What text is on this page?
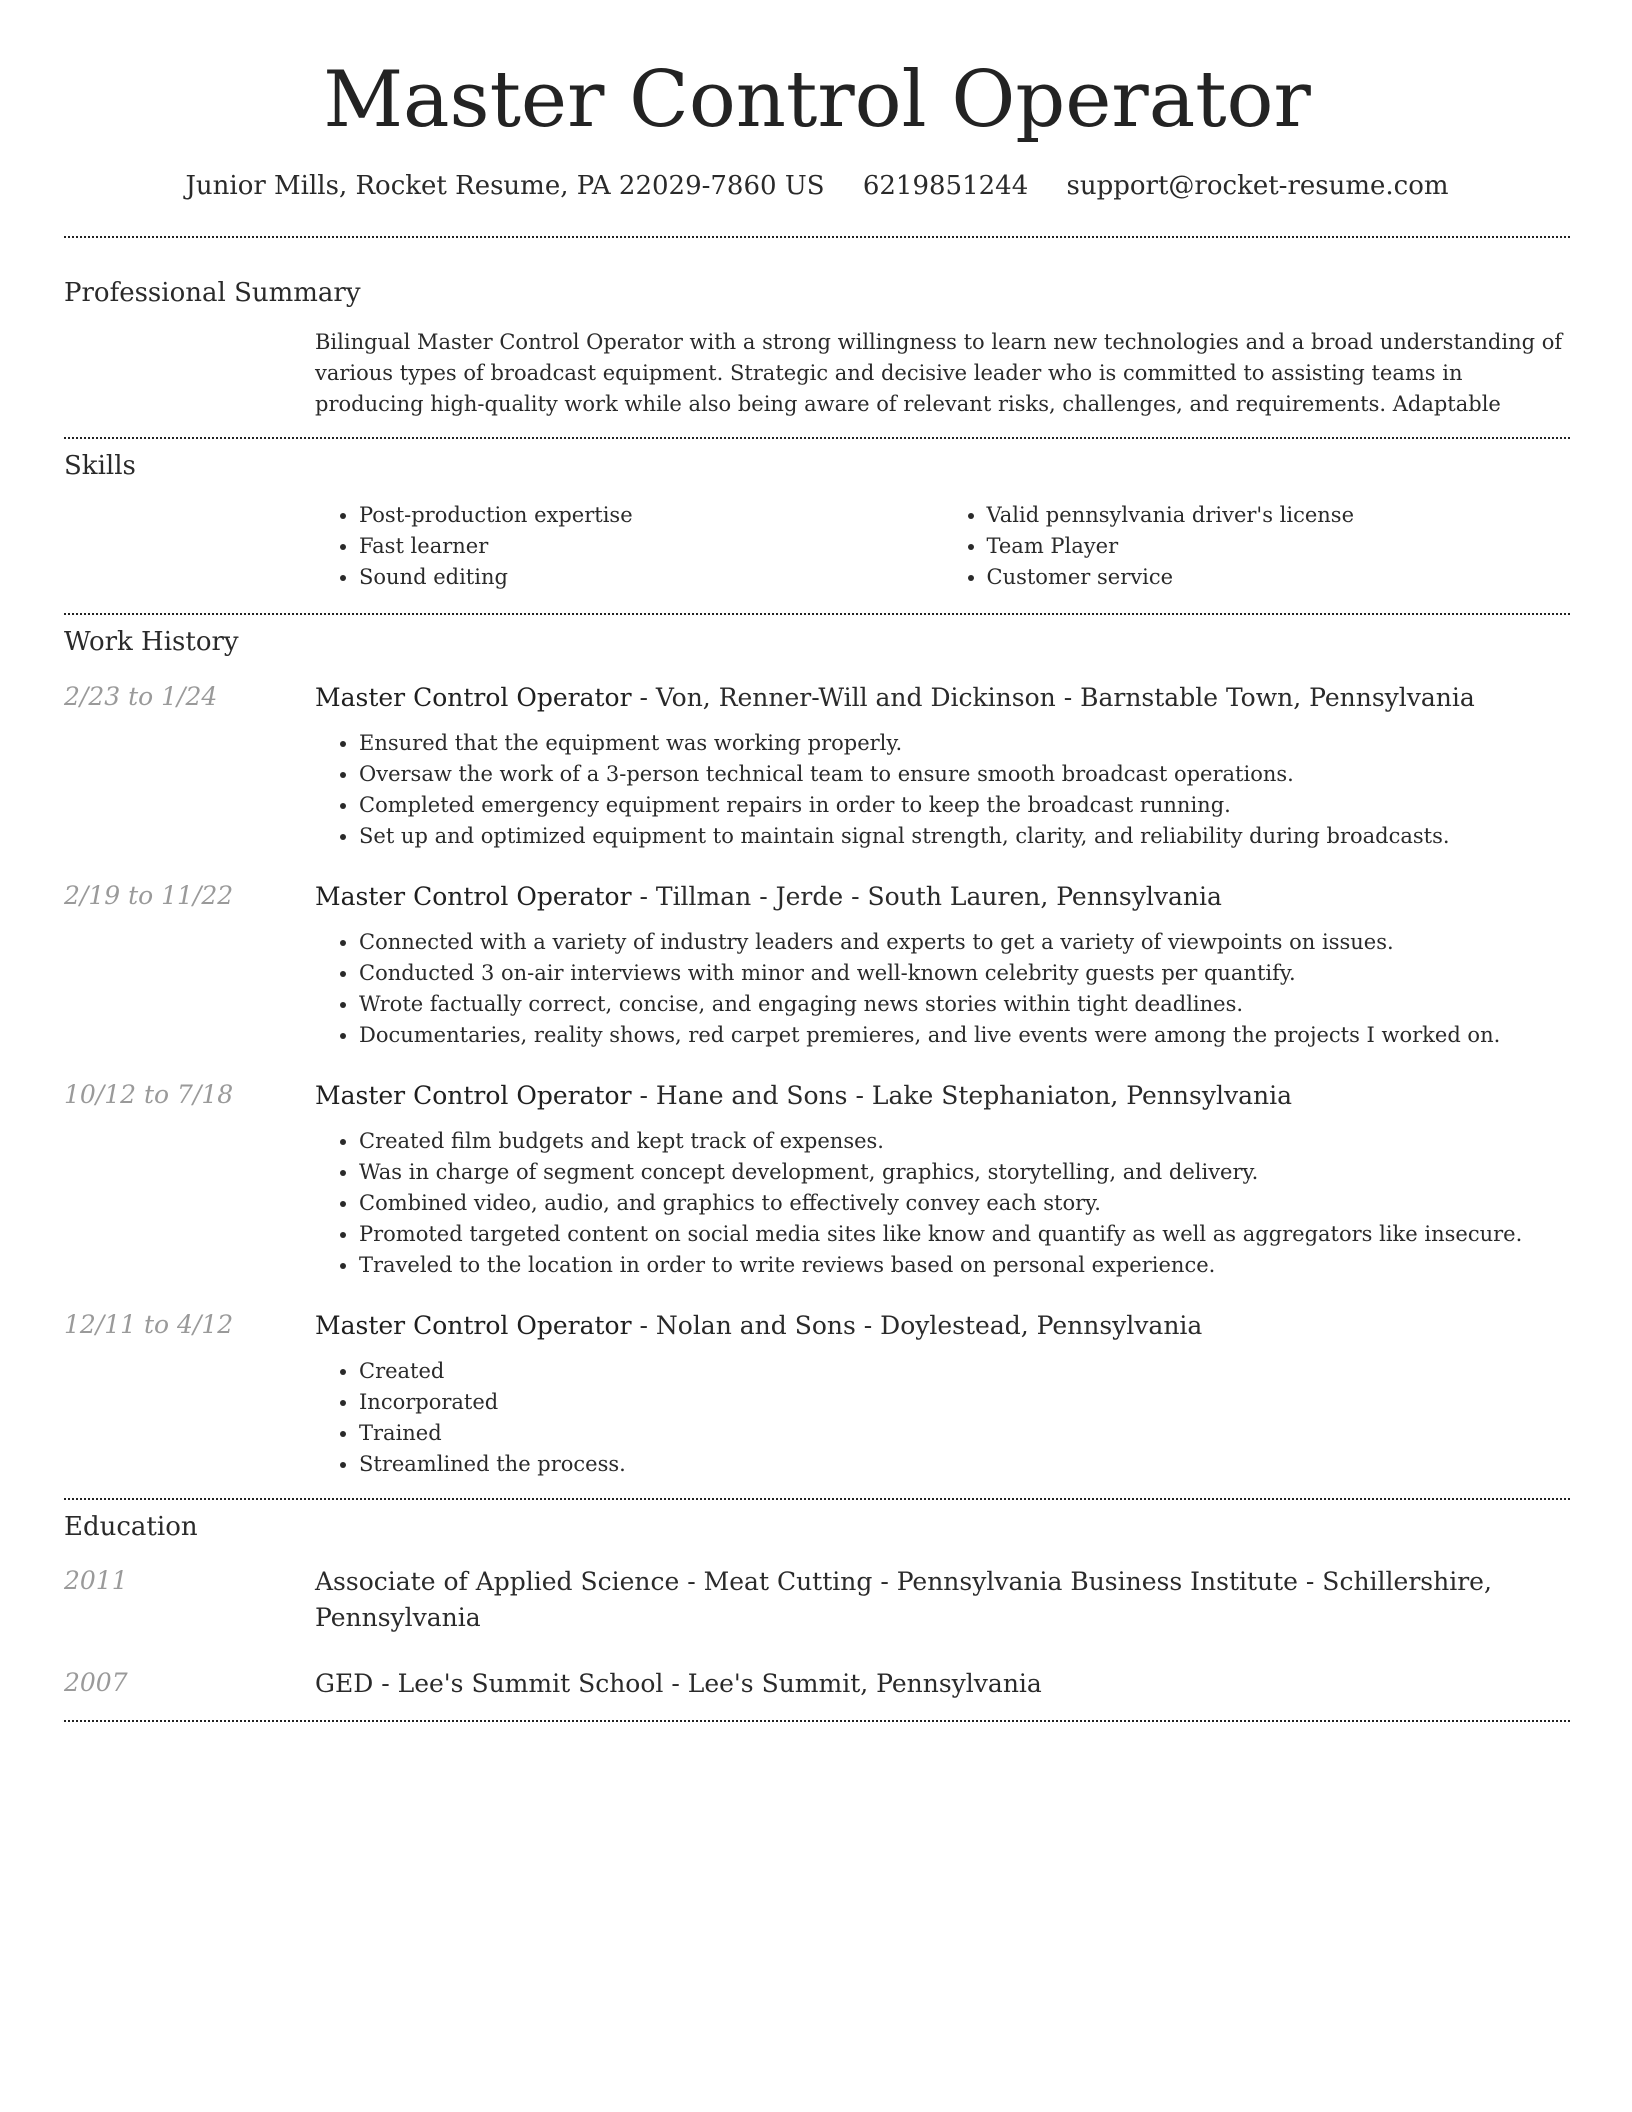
Master Control Operator
Junior Mills, Rocket Resume, PA 22029-7860 US 6219851244 support@rocket-resume.com
Professional Summary

Bilingual Master Control Operator with a strong willingness to learn new technologies and a broad understanding of various types of broadcast equipment. Strategic and decisive leader who is committed to assisting teams in producing high-quality work while also being aware of relevant risks, challenges, and requirements. Adaptable

Skills
• Post-production expertise
• Fast learner
• Sound editing
• Valid pennsylvania driver's license
• Team Player
• Customer service
Work History
2/23 to 1/24	Master Control Operator - Von, Renner-Will and Dickinson - Barnstable Town, Pennsylvania
• Ensured that the equipment was working properly.
• Oversaw the work of a 3-person technical team to ensure smooth broadcast operations.
• Completed emergency equipment repairs in order to keep the broadcast running.
• Set up and optimized equipment to maintain signal strength, clarity, and reliability during broadcasts.
2/19 to 11/22	Master Control Operator - Tillman - Jerde - South Lauren, Pennsylvania
• Connected with a variety of industry leaders and experts to get a variety of viewpoints on issues.
• Conducted 3 on-air interviews with minor and well-known celebrity guests per quantify.
• Wrote factually correct, concise, and engaging news stories within tight deadlines.
• Documentaries, reality shows, red carpet premieres, and live events were among the projects I worked on.
10/12 to 7/18	Master Control Operator - Hane and Sons - Lake Stephaniaton, Pennsylvania
• Created film budgets and kept track of expenses.
• Was in charge of segment concept development, graphics, storytelling, and delivery.
• Combined video, audio, and graphics to effectively convey each story.
• Promoted targeted content on social media sites like know and quantify as well as aggregators like insecure.
• Traveled to the location in order to write reviews based on personal experience.
12/11 to 4/12	Master Control Operator - Nolan and Sons - Doylestead, Pennsylvania
• Created
• Incorporated
• Trained
• Streamlined the process.
Education
2011	Associate of Applied Science - Meat Cutting - Pennsylvania Business Institute - Schillershire, Pennsylvania
2007	GED - Lee's Summit School - Lee's Summit, Pennsylvania
